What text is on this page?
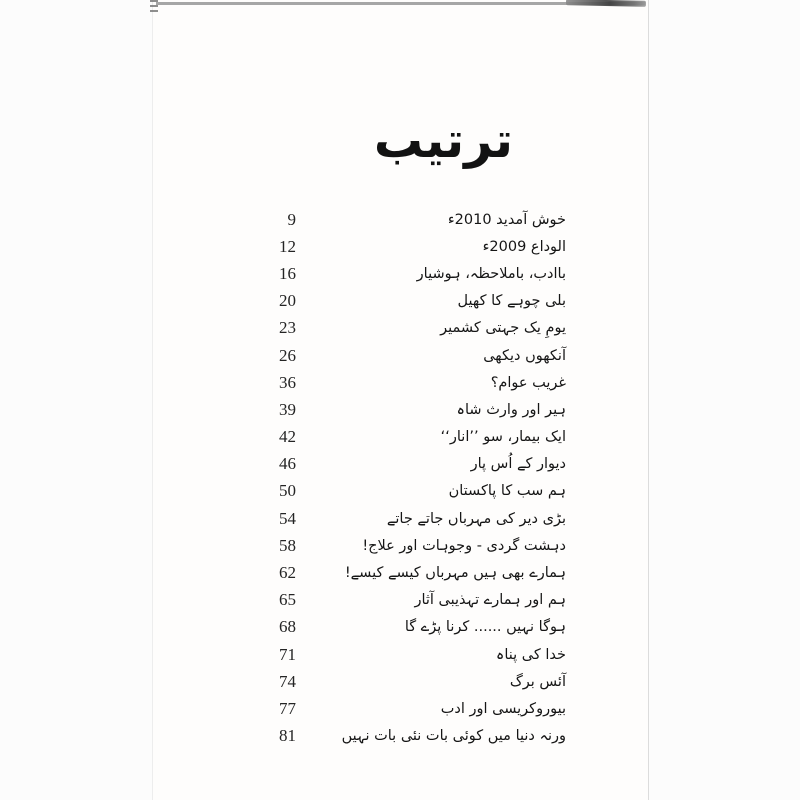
ترتیب
9	خوش آمدید 2010ء
12	الوداع 2009ء
16	باادب، باملاحظہ، ہوشیار
20	بلی چوہے کا کھیل
23	یومِ یک جہتی کشمیر
26	آنکھوں دیکھی
36	غریب عوام؟
39	ہیر اور وارث شاہ
42	ایک بیمار، سو ’’انار‘‘
46	دیوار کے اُس پار
50	ہم سب کا پاکستان
54	بڑی دیر کی مہرباں جاتے جاتے
58	دہشت گردی - وجوہات اور علاج!
62	ہمارے بھی ہیں مہرباں کیسے کیسے!
65	ہم اور ہمارے تہذیبی آثار
68	ہوگا نہیں ...... کرنا پڑے گا
71	خدا کی پناہ
74	آئس برگ
77	بیوروکریسی اور ادب
81	ورنہ دنیا میں کوئی بات نئی بات نہیں
